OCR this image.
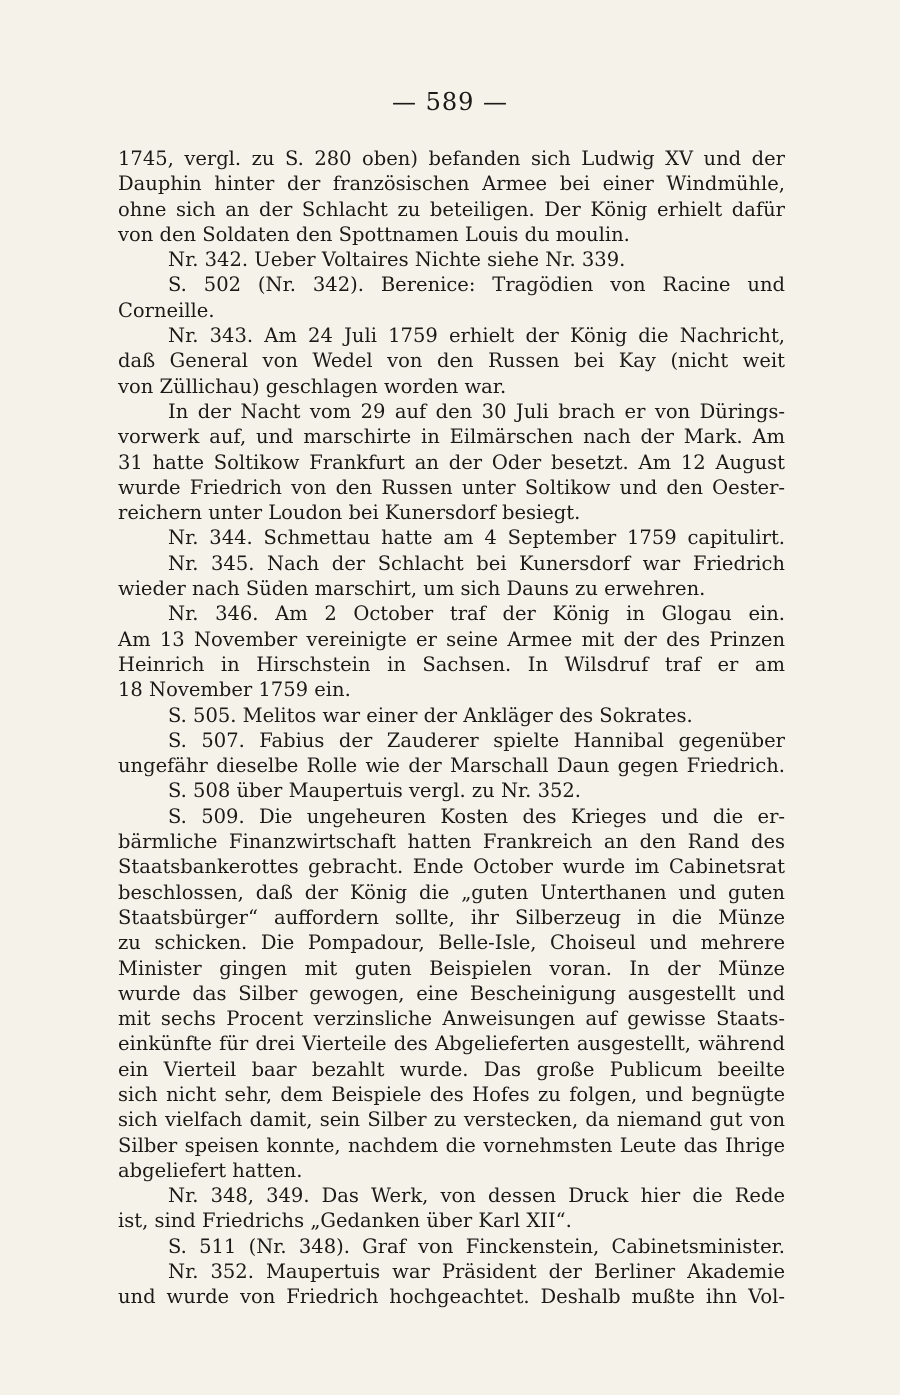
— 589 —
1745, vergl. zu S. 280 oben) befanden sich Ludwig XV und der
Dauphin hinter der französischen Armee bei einer Windmühle,
ohne sich an der Schlacht zu beteiligen. Der König erhielt dafür
von den Soldaten den Spottnamen Louis du moulin.
Nr. 342. Ueber Voltaires Nichte siehe Nr. 339.
S. 502 (Nr. 342). Berenice: Tragödien von Racine und
Corneille.
Nr. 343. Am 24 Juli 1759 erhielt der König die Nachricht,
daß General von Wedel von den Russen bei Kay (nicht weit
von Züllichau) geschlagen worden war.
In der Nacht vom 29 auf den 30 Juli brach er von Dürings-
vorwerk auf, und marschirte in Eilmärschen nach der Mark. Am
31 hatte Soltikow Frankfurt an der Oder besetzt. Am 12 August
wurde Friedrich von den Russen unter Soltikow und den Oester-
reichern unter Loudon bei Kunersdorf besiegt.
Nr. 344. Schmettau hatte am 4 September 1759 capitulirt.
Nr. 345. Nach der Schlacht bei Kunersdorf war Friedrich
wieder nach Süden marschirt, um sich Dauns zu erwehren.
Nr. 346. Am 2 October traf der König in Glogau ein.
Am 13 November vereinigte er seine Armee mit der des Prinzen
Heinrich in Hirschstein in Sachsen. In Wilsdruf traf er am
18 November 1759 ein.
S. 505. Melitos war einer der Ankläger des Sokrates.
S. 507. Fabius der Zauderer spielte Hannibal gegenüber
ungefähr dieselbe Rolle wie der Marschall Daun gegen Friedrich.
S. 508 über Maupertuis vergl. zu Nr. 352.
S. 509. Die ungeheuren Kosten des Krieges und die er-
bärmliche Finanzwirtschaft hatten Frankreich an den Rand des
Staatsbankerottes gebracht. Ende October wurde im Cabinetsrat
beschlossen, daß der König die „guten Unterthanen und guten
Staatsbürger“ auffordern sollte, ihr Silberzeug in die Münze
zu schicken. Die Pompadour, Belle-Isle, Choiseul und mehrere
Minister gingen mit guten Beispielen voran. In der Münze
wurde das Silber gewogen, eine Bescheinigung ausgestellt und
mit sechs Procent verzinsliche Anweisungen auf gewisse Staats-
einkünfte für drei Vierteile des Abgelieferten ausgestellt, während
ein Vierteil baar bezahlt wurde. Das große Publicum beeilte
sich nicht sehr, dem Beispiele des Hofes zu folgen, und begnügte
sich vielfach damit, sein Silber zu verstecken, da niemand gut von
Silber speisen konnte, nachdem die vornehmsten Leute das Ihrige
abgeliefert hatten.
Nr. 348, 349. Das Werk, von dessen Druck hier die Rede
ist, sind Friedrichs „Gedanken über Karl XII“.
S. 511 (Nr. 348). Graf von Finckenstein, Cabinetsminister.
Nr. 352. Maupertuis war Präsident der Berliner Akademie
und wurde von Friedrich hochgeachtet. Deshalb mußte ihn Vol-
